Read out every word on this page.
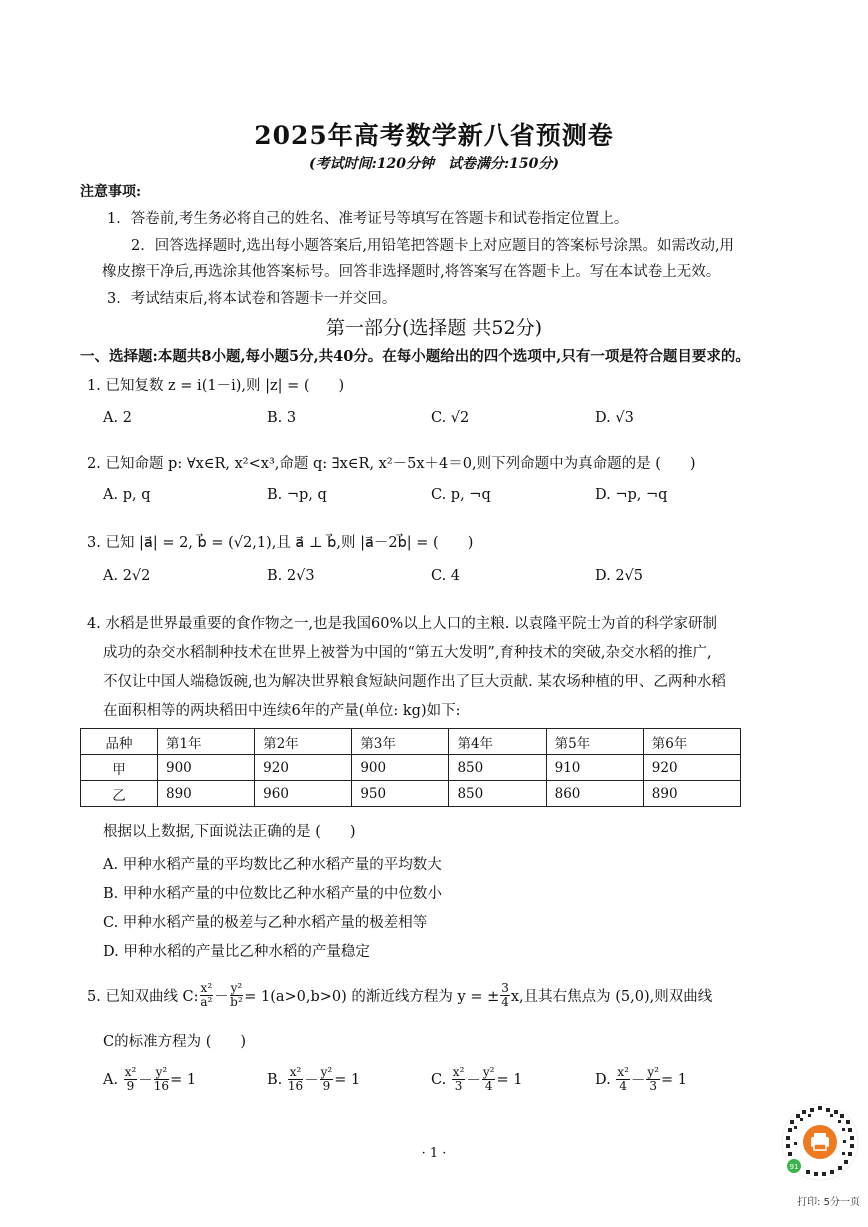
2025年高考数学新八省预测卷
(考试时间:120分钟　试卷满分:150分)
注意事项:
1．答卷前,考生务必将自己的姓名、准考证号等填写在答题卡和试卷指定位置上。
2．回答选择题时,选出每小题答案后,用铅笔把答题卡上对应题目的答案标号涂黑。如需改动,用
橡皮擦干净后,再选涂其他答案标号。回答非选择题时,将答案写在答题卡上。写在本试卷上无效。
3．考试结束后,将本试卷和答题卡一并交回。
第一部分(选择题 共52分)
一、选择题:本题共8小题,每小题5分,共40分。在每小题给出的四个选项中,只有一项是符合题目要求的。
1. 已知复数 z = i(1－i),则 |z| = (　　)
A. 2	B. 3	C. √2	D. √3
2. 已知命题 p: ∀x∈R, x²<x³,命题 q: ∃x∈R, x²－5x＋4＝0,则下列命题中为真命题的是 (　　)
A. p, q	B. ¬p, q	C. p, ¬q	D. ¬p, ¬q
3. 已知 |a⃗| = 2, b⃗ = (√2,1),且 a⃗ ⊥ b⃗,则 |a⃗－2b⃗| = (　　)
A. 2√2	B. 2√3	C. 4	D. 2√5
4. 水稻是世界最重要的食作物之一,也是我国60%以上人口的主粮. 以袁隆平院士为首的科学家研制
成功的杂交水稻制种技术在世界上被誉为中国的“第五大发明”,育种技术的突破,杂交水稻的推广,
不仅让中国人端稳饭碗,也为解决世界粮食短缺问题作出了巨大贡献. 某农场种植的甲、乙两种水稻
在面积相等的两块稻田中连续6年的产量(单位: kg)如下:
品种	第1年	第2年	第3年	第4年	第5年	第6年
甲	900	920	900	850	910	920
乙	890	960	950	850	860	890
根据以上数据,下面说法正确的是 (　　)
A. 甲种水稻产量的平均数比乙种水稻产量的平均数大
B. 甲种水稻产量的中位数比乙种水稻产量的中位数小
C. 甲种水稻产量的极差与乙种水稻产量的极差相等
D. 甲种水稻的产量比乙种水稻的产量稳定
5. 已知双曲线 C: $\frac{\text{x²}}{\text{a²}} - \frac{\text{y²}}{\text{b²}} = 1(a>0,b>0)$ 的渐近线方程为 y = ± $\frac{3}{4} x$,且其右焦点为 (5,0),则双曲线
C的标准方程为 (　　)
A.
$\frac{\text{x²}}{9} - \frac{\text{y²}}{16} = 1$	B.
$\frac{\text{x²}}{16} - \frac{\text{y²}}{9} = 1$	C.
$\frac{\text{x²}}{3} - \frac{\text{y²}}{4} = 1$	D.
$\frac{\text{x²}}{4} - \frac{\text{y²}}{3} = 1$
· 1 ·
91
打印: 5分一页
